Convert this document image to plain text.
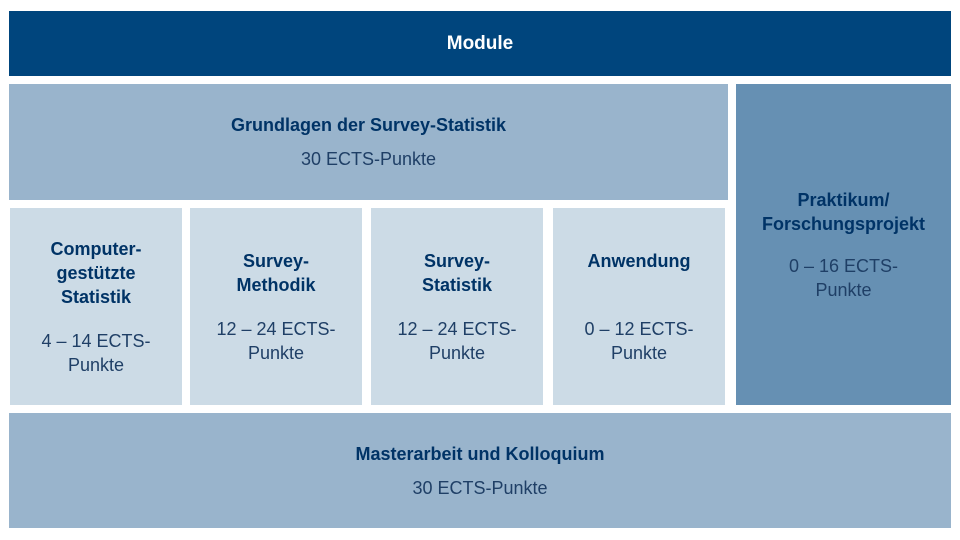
Module
Grundlagen der Survey-Statistik
30 ECTS-Punkte
Praktikum/
Forschungsprojekt
0 – 16 ECTS-
Punkte
Computer-
gestützte
Statistik
4 – 14 ECTS-
Punkte
Survey-
Methodik
12 – 24 ECTS-
Punkte
Survey-
Statistik
12 – 24 ECTS-
Punkte
Anwendung
0 – 12 ECTS-
Punkte
Masterarbeit und Kolloquium
30 ECTS-Punkte
